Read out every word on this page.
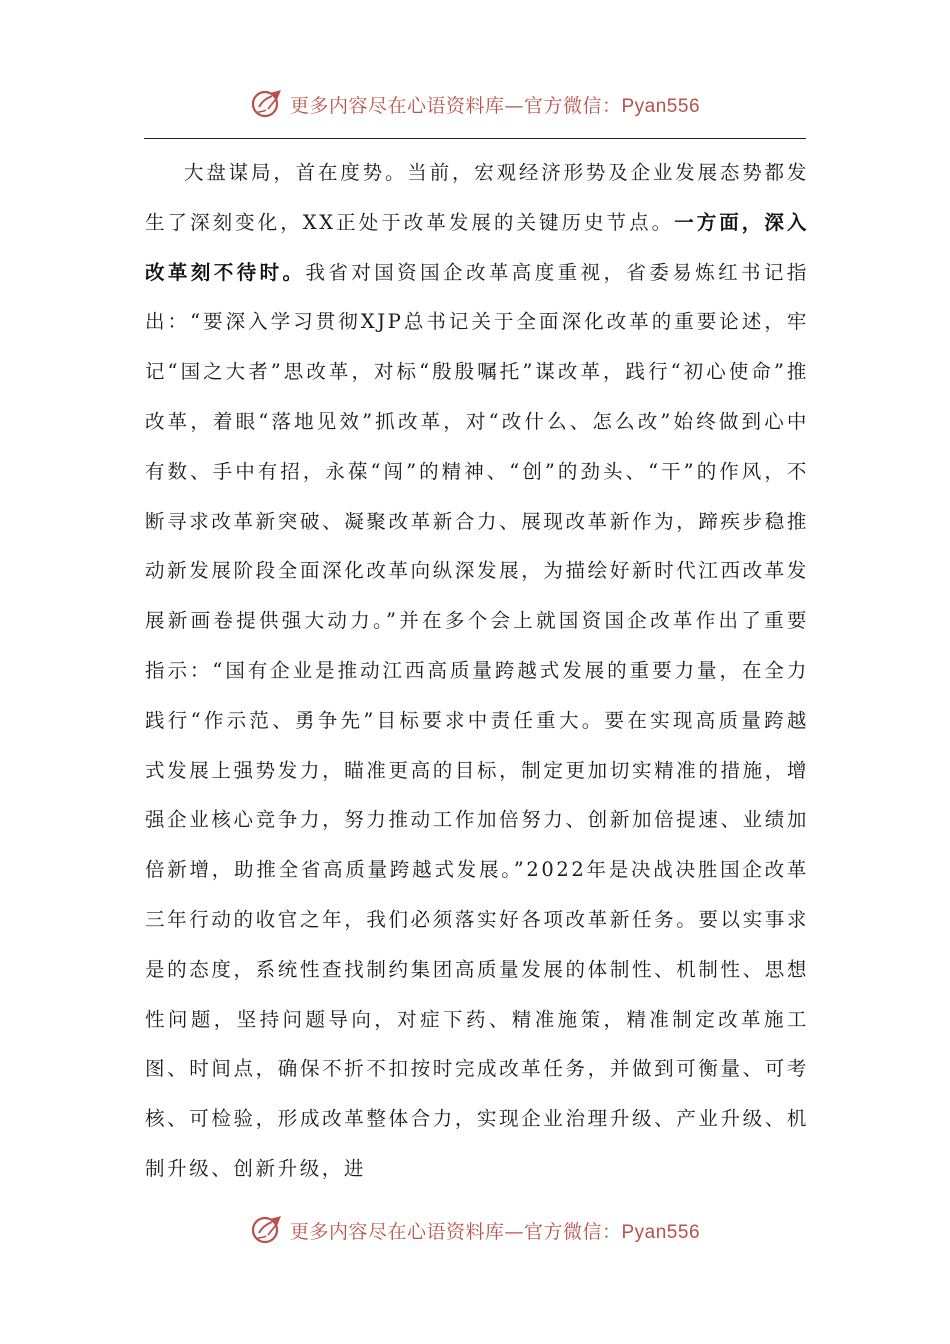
更多内容尽在心语资料库—官方微信：Pyan556

大盘谋局，首在度势。当前，宏观经济形势及企业发展态势都发生了深刻变化，XX正处于改革发展的关键历史节点。一方面，深入改革刻不待时。我省对国资国企改革高度重视，省委易炼红书记指出：“要深入学习贯彻XJP总书记关于全面深化改革的重要论述，牢记“国之大者”思改革，对标“殷殷嘱托”谋改革，践行“初心使命”推改革，着眼“落地见效”抓改革，对“改什么、怎么改”始终做到心中有数、手中有招，永葆“闯”的精神、“创”的劲头、“干”的作风，不断寻求改革新突破、凝聚改革新合力、展现改革新作为，蹄疾步稳推动新发展阶段全面深化改革向纵深发展，为描绘好新时代江西改革发展新画卷提供强大动力。”并在多个会上就国资国企改革作出了重要指示：“国有企业是推动江西高质量跨越式发展的重要力量，在全力践行“作示范、勇争先”目标要求中责任重大。要在实现高质量跨越式发展上强势发力，瞄准更高的目标，制定更加切实精准的措施，增强企业核心竞争力，努力推动工作加倍努力、创新加倍提速、业绩加倍新增，助推全省高质量跨越式发展。”2022年是决战决胜国企改革三年行动的收官之年，我们必须落实好各项改革新任务。要以实事求是的态度，系统性查找制约集团高质量发展的体制性、机制性、思想性问题，坚持问题导向，对症下药、精准施策，精准制定改革施工图、时间点，确保不折不扣按时完成改革任务，并做到可衡量、可考核、可检验，形成改革整体合力，实现企业治理升级、产业升级、机制升级、创新升级，进

更多内容尽在心语资料库—官方微信：Pyan556
